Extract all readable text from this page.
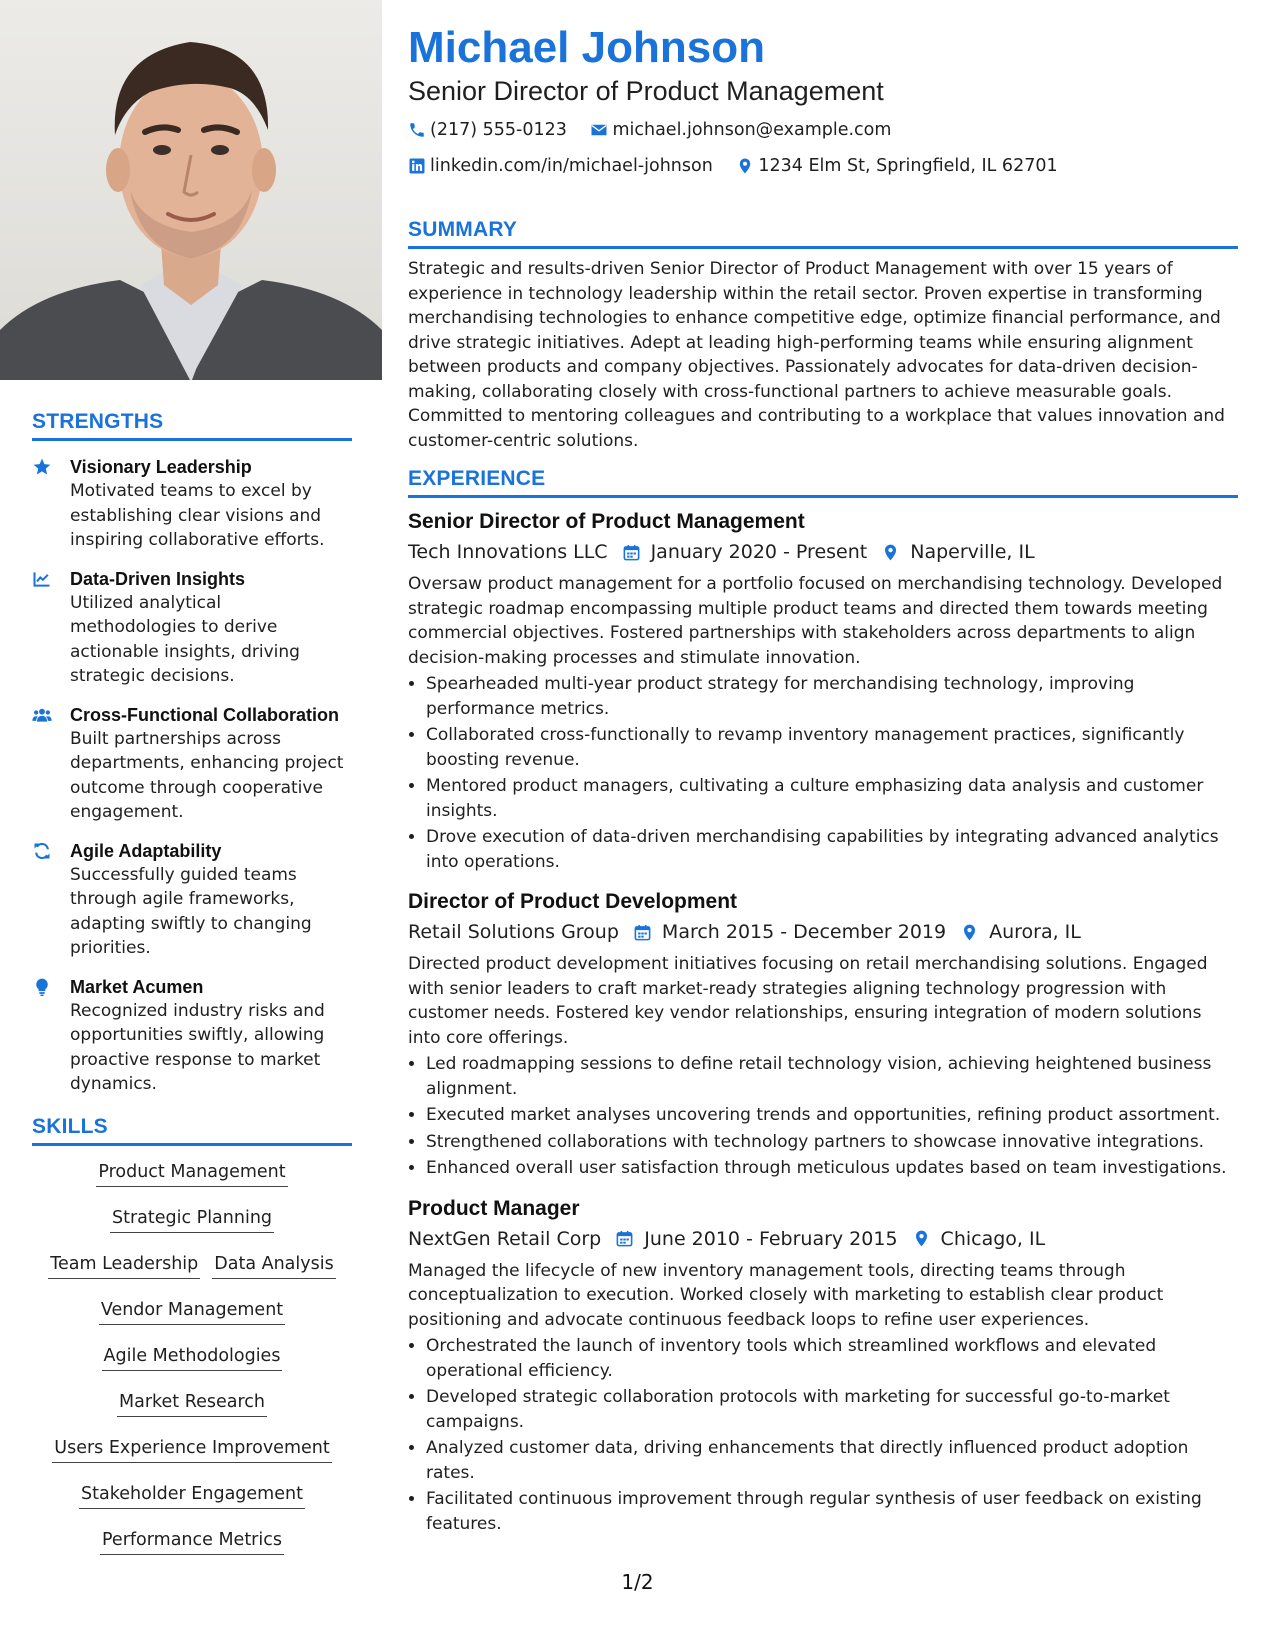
STRENGTHS
Visionary Leadership
Motivated teams to excel by establishing clear visions and inspiring collaborative efforts.
Data-Driven Insights
Utilized analytical methodologies to derive actionable insights, driving strategic decisions.
Cross-Functional Collaboration
Built partnerships across departments, enhancing project outcome through cooperative engagement.
Agile Adaptability
Successfully guided teams through agile frameworks, adapting swiftly to changing priorities.
Market Acumen
Recognized industry risks and opportunities swiftly, allowing proactive response to market dynamics.
SKILLS
Product Management
Strategic Planning
Team Leadership Data Analysis
Vendor Management
Agile Methodologies
Market Research
Users Experience Improvement
Stakeholder Engagement
Performance Metrics
Michael Johnson
Senior Director of Product Management
(217) 555-0123
	michael.johnson@example.com
linkedin.com/in/michael-johnson
	1234 Elm St, Springfield, IL 62701
SUMMARY

Strategic and results-driven Senior Director of Product Management with over 15 years of experience in technology leadership within the retail sector. Proven expertise in transforming merchandising technologies to enhance competitive edge, optimize financial performance, and drive strategic initiatives. Adept at leading high-performing teams while ensuring alignment between products and company objectives. Passionately advocates for data-driven decision-making, collaborating closely with cross-functional partners to achieve measurable goals. Committed to mentoring colleagues and contributing to a workplace that values innovation and customer-centric solutions.

EXPERIENCE
Senior Director of Product Management
Tech Innovations LLC January 2020 - Present Naperville, IL
Oversaw product management for a portfolio focused on merchandising technology. Developed strategic roadmap encompassing multiple product teams and directed them towards meeting commercial objectives. Fostered partnerships with stakeholders across departments to align decision-making processes and stimulate innovation.
• Spearheaded multi-year product strategy for merchandising technology, improving performance metrics.
• Collaborated cross-functionally to revamp inventory management practices, significantly boosting revenue.
• Mentored product managers, cultivating a culture emphasizing data analysis and customer insights.
• Drove execution of data-driven merchandising capabilities by integrating advanced analytics into operations.
Director of Product Development
Retail Solutions Group March 2015 - December 2019 Aurora, IL
Directed product development initiatives focusing on retail merchandising solutions. Engaged with senior leaders to craft market-ready strategies aligning technology progression with customer needs. Fostered key vendor relationships, ensuring integration of modern solutions into core offerings.
• Led roadmapping sessions to define retail technology vision, achieving heightened business alignment.
• Executed market analyses uncovering trends and opportunities, refining product assortment.
• Strengthened collaborations with technology partners to showcase innovative integrations.
• Enhanced overall user satisfaction through meticulous updates based on team investigations.
Product Manager
NextGen Retail Corp June 2010 - February 2015 Chicago, IL
Managed the lifecycle of new inventory management tools, directing teams through conceptualization to execution. Worked closely with marketing to establish clear product positioning and advocate continuous feedback loops to refine user experiences.
• Orchestrated the launch of inventory tools which streamlined workflows and elevated operational efficiency.
• Developed strategic collaboration protocols with marketing for successful go-to-market campaigns.
• Analyzed customer data, driving enhancements that directly influenced product adoption rates.
• Facilitated continuous improvement through regular synthesis of user feedback on existing features.
1/2
